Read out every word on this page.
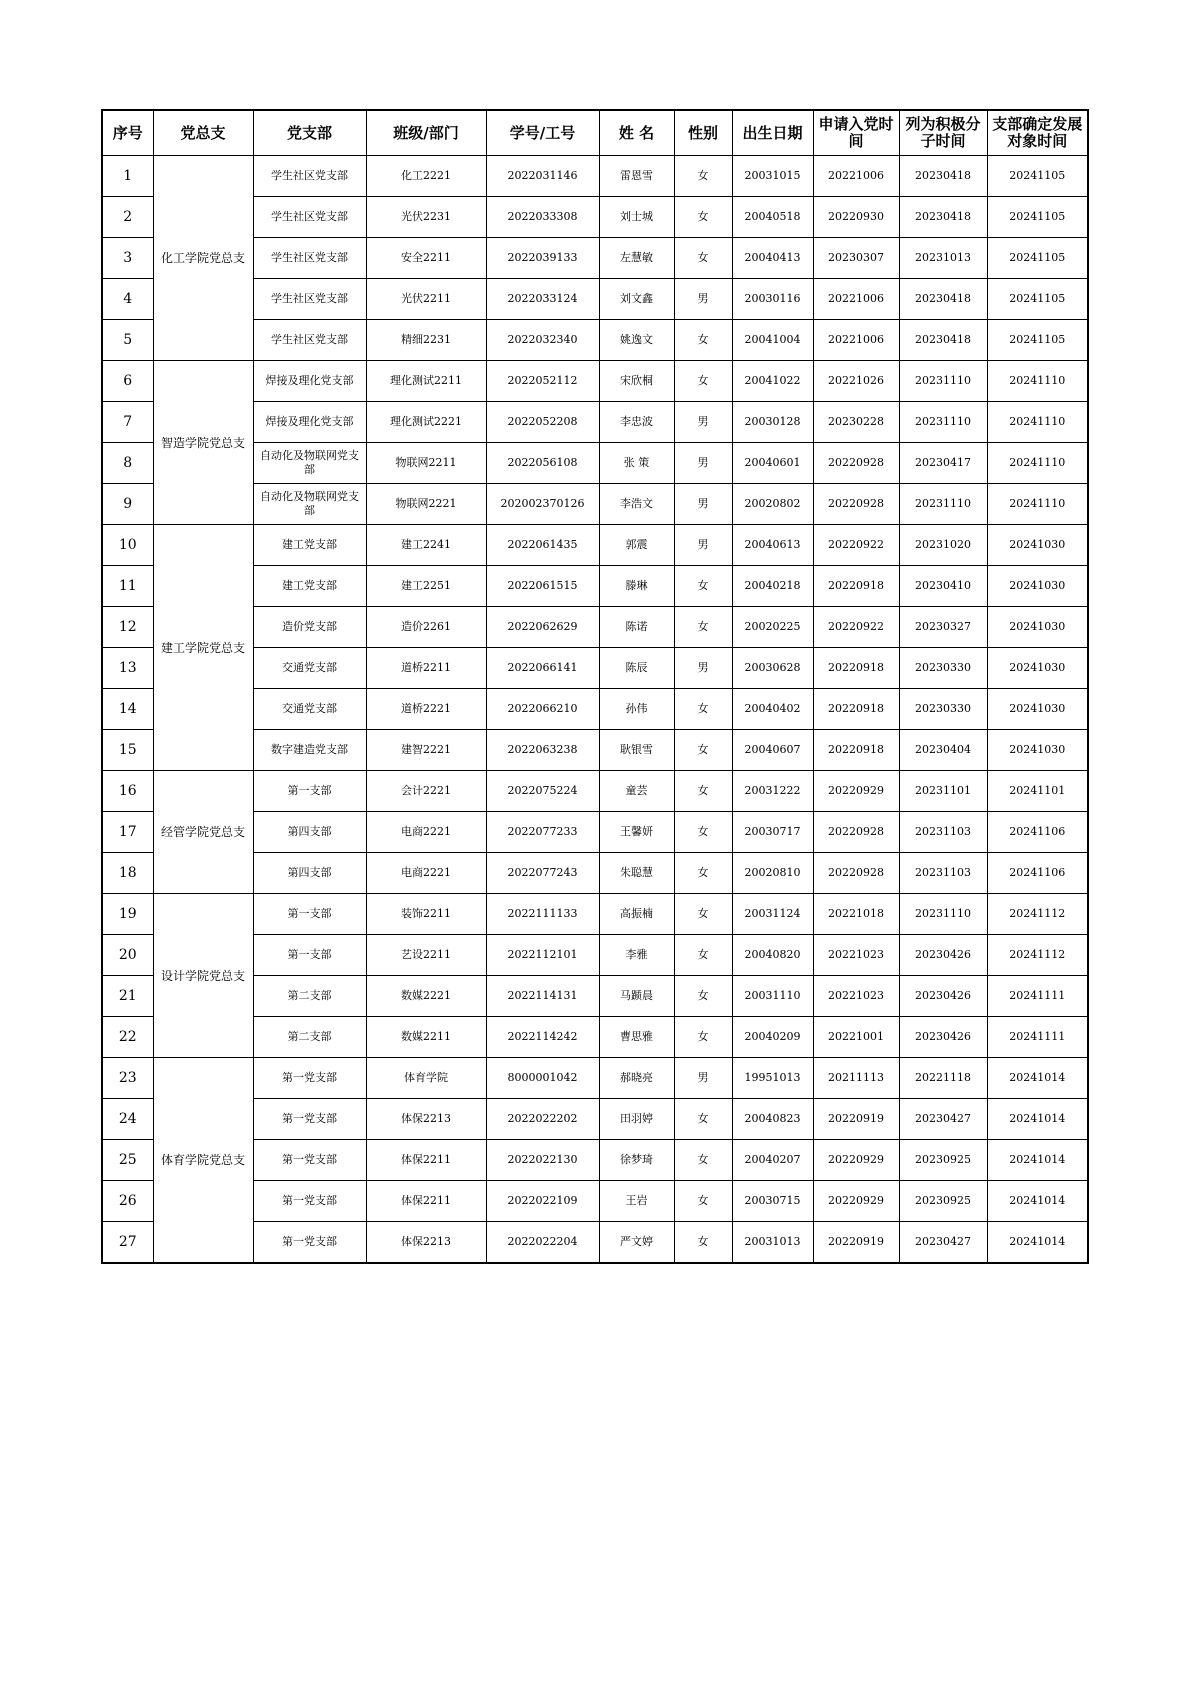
序号	党总支	党支部	班级/部门	学号/工号	姓 名	性别	出生日期	申请入党时间	列为积极分子时间	支部确定发展对象时间
1	化工学院党总支	学生社区党支部	化工2221	2022031146	雷恩雪	女	20031015	20221006	20230418	20241105
2		学生社区党支部	光伏2231	2022033308	刘士城	女	20040518	20220930	20230418	20241105
3		学生社区党支部	安全2211	2022039133	左慧敏	女	20040413	20230307	20231013	20241105
4		学生社区党支部	光伏2211	2022033124	刘文鑫	男	20030116	20221006	20230418	20241105
5		学生社区党支部	精细2231	2022032340	姚逸文	女	20041004	20221006	20230418	20241105
6	智造学院党总支	焊接及理化党支部	理化测试2211	2022052112	宋欣桐	女	20041022	20221026	20231110	20241110
7		焊接及理化党支部	理化测试2221	2022052208	李忠波	男	20030128	20230228	20231110	20241110
8		自动化及物联网党支部	物联网2211	2022056108	张 策	男	20040601	20220928	20230417	20241110
9		自动化及物联网党支部	物联网2221	202002370126	李浩文	男	20020802	20220928	20231110	20241110
10	建工学院党总支	建工党支部	建工2241	2022061435	郭震	男	20040613	20220922	20231020	20241030
11		建工党支部	建工2251	2022061515	滕琳	女	20040218	20220918	20230410	20241030
12		造价党支部	造价2261	2022062629	陈诺	女	20020225	20220922	20230327	20241030
13		交通党支部	道桥2211	2022066141	陈辰	男	20030628	20220918	20230330	20241030
14		交通党支部	道桥2221	2022066210	孙伟	女	20040402	20220918	20230330	20241030
15		数字建造党支部	建智2221	2022063238	耿银雪	女	20040607	20220918	20230404	20241030
16	经管学院党总支	第一支部	会计2221	2022075224	童芸	女	20031222	20220929	20231101	20241101
17		第四支部	电商2221	2022077233	王馨妍	女	20030717	20220928	20231103	20241106
18		第四支部	电商2221	2022077243	朱聪慧	女	20020810	20220928	20231103	20241106
19	设计学院党总支	第一支部	装饰2211	2022111133	高振楠	女	20031124	20221018	20231110	20241112
20		第一支部	艺设2211	2022112101	李雅	女	20040820	20221023	20230426	20241112
21		第二支部	数媒2221	2022114131	马踬晨	女	20031110	20221023	20230426	20241111
22		第二支部	数媒2211	2022114242	曹思雅	女	20040209	20221001	20230426	20241111
23	体育学院党总支	第一党支部	体育学院	8000001042	郝晓亮	男	19951013	20211113	20221118	20241014
24		第一党支部	体保2213	2022022202	田羽婷	女	20040823	20220919	20230427	20241014
25		第一党支部	体保2211	2022022130	徐梦琦	女	20040207	20220929	20230925	20241014
26		第一党支部	体保2211	2022022109	王岩	女	20030715	20220929	20230925	20241014
27		第一党支部	体保2213	2022022204	严文婷	女	20031013	20220919	20230427	20241014
